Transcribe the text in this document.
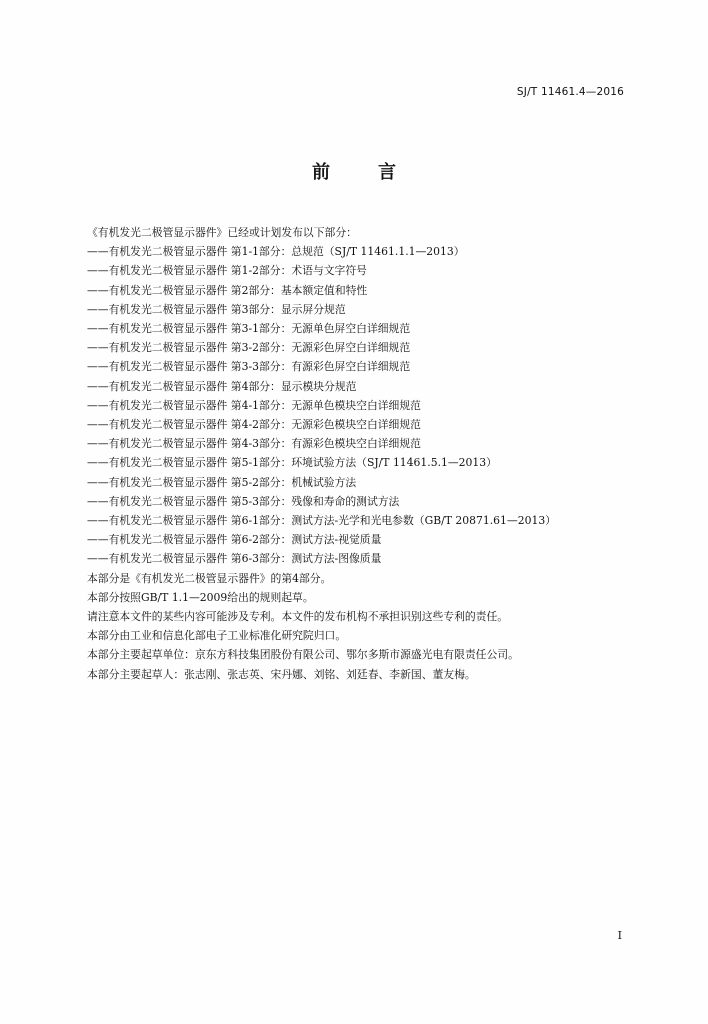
SJ/T 11461.4—2016
前言
《有机发光二极管显示器件》已经或计划发布以下部分：
——有机发光二极管显示器件 第1-1部分：总规范（SJ/T 11461.1.1—2013）
——有机发光二极管显示器件 第1-2部分：术语与文字符号
——有机发光二极管显示器件 第2部分：基本额定值和特性
——有机发光二极管显示器件 第3部分：显示屏分规范
——有机发光二极管显示器件 第3-1部分：无源单色屏空白详细规范
——有机发光二极管显示器件 第3-2部分：无源彩色屏空白详细规范
——有机发光二极管显示器件 第3-3部分：有源彩色屏空白详细规范
——有机发光二极管显示器件 第4部分：显示模块分规范
——有机发光二极管显示器件 第4-1部分：无源单色模块空白详细规范
——有机发光二极管显示器件 第4-2部分：无源彩色模块空白详细规范
——有机发光二极管显示器件 第4-3部分：有源彩色模块空白详细规范
——有机发光二极管显示器件 第5-1部分：环境试验方法（SJ/T 11461.5.1—2013）
——有机发光二极管显示器件 第5-2部分：机械试验方法
——有机发光二极管显示器件 第5-3部分：残像和寿命的测试方法
——有机发光二极管显示器件 第6-1部分：测试方法-光学和光电参数（GB/T 20871.61—2013）
——有机发光二极管显示器件 第6-2部分：测试方法-视觉质量
——有机发光二极管显示器件 第6-3部分：测试方法-图像质量
本部分是《有机发光二极管显示器件》的第4部分。
本部分按照GB/T 1.1—2009给出的规则起草。
请注意本文件的某些内容可能涉及专利。本文件的发布机构不承担识别这些专利的责任。
本部分由工业和信息化部电子工业标准化研究院归口。
本部分主要起草单位：京东方科技集团股份有限公司、鄂尔多斯市源盛光电有限责任公司。
本部分主要起草人：张志刚、张志英、宋丹娜、刘铭、刘廷春、李新国、董友梅。
I
